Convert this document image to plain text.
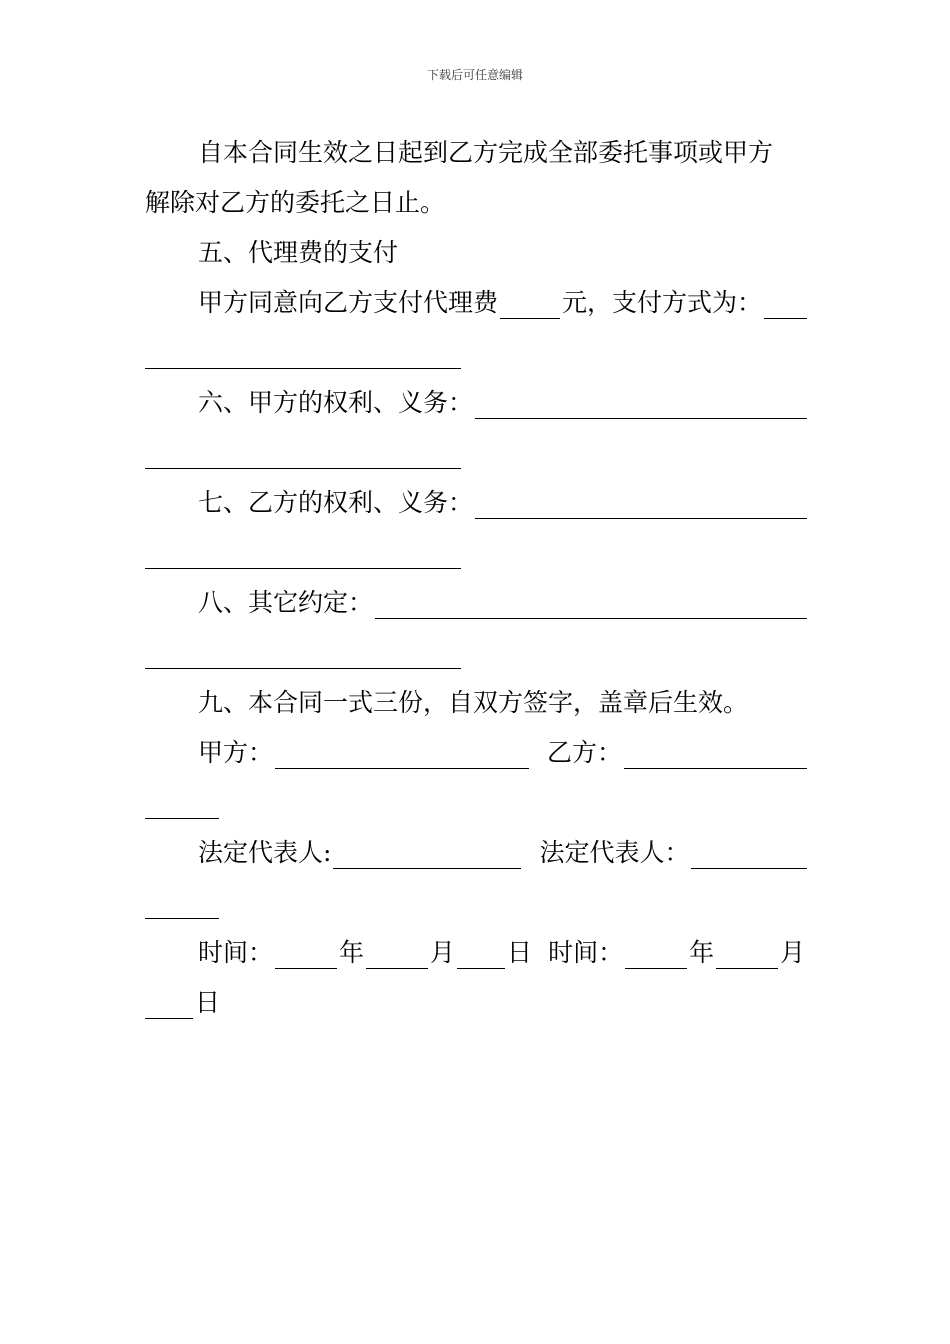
下载后可任意编辑
自本合同生效之日起到乙方完成全部委托事项或甲方
解除对乙方的委托之日止。
五、代理费的支付
甲方同意向乙方支付代理费	元，支付方式为：
六、甲方的权利、义务：
七、乙方的权利、义务：
八、其它约定：
九、本合同一式三份，自双方签字，盖章后生效。
甲方：	乙方：
法定代表人:	法定代表人：
时间：	年	月 日 时间：	年	月
日
